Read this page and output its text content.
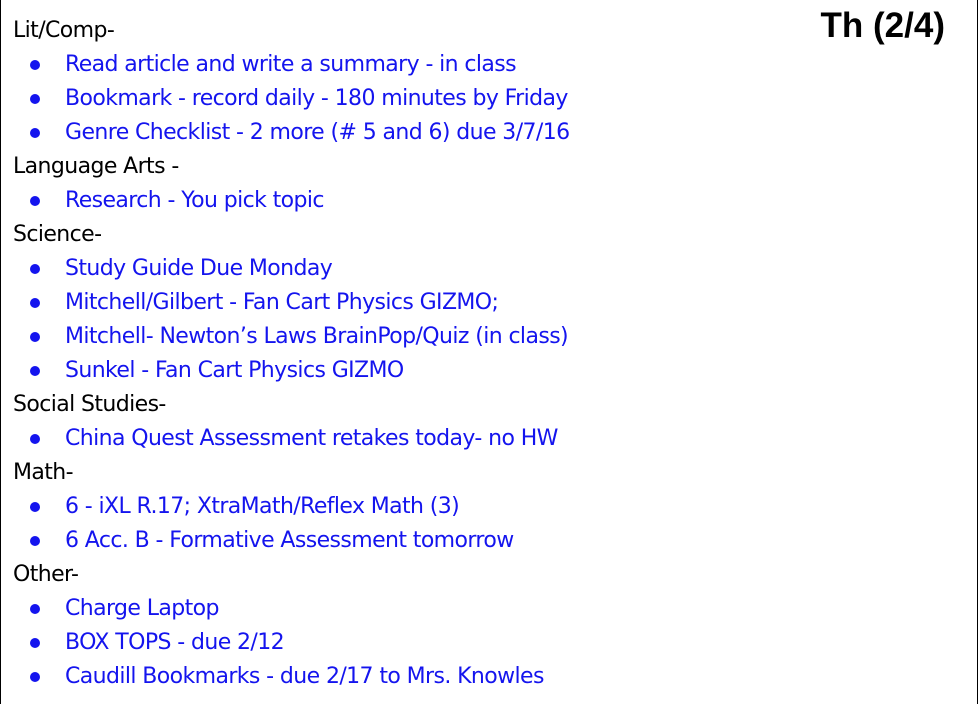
Th (2/4)
Lit/Comp-
Read article and write a summary - in class
Bookmark - record daily - 180 minutes by Friday
Genre Checklist - 2 more (# 5 and 6) due 3/7/16
Language Arts -
Research - You pick topic
Science-
Study Guide Due Monday
Mitchell/Gilbert - Fan Cart Physics GIZMO;
Mitchell- Newton’s Laws BrainPop/Quiz (in class)
Sunkel - Fan Cart Physics GIZMO
Social Studies-
China Quest Assessment retakes today- no HW
Math-
6 - iXL R.17; XtraMath/Reflex Math (3)
6 Acc. B - Formative Assessment tomorrow
Other-
Charge Laptop
BOX TOPS - due 2/12
Caudill Bookmarks - due 2/17 to Mrs. Knowles
